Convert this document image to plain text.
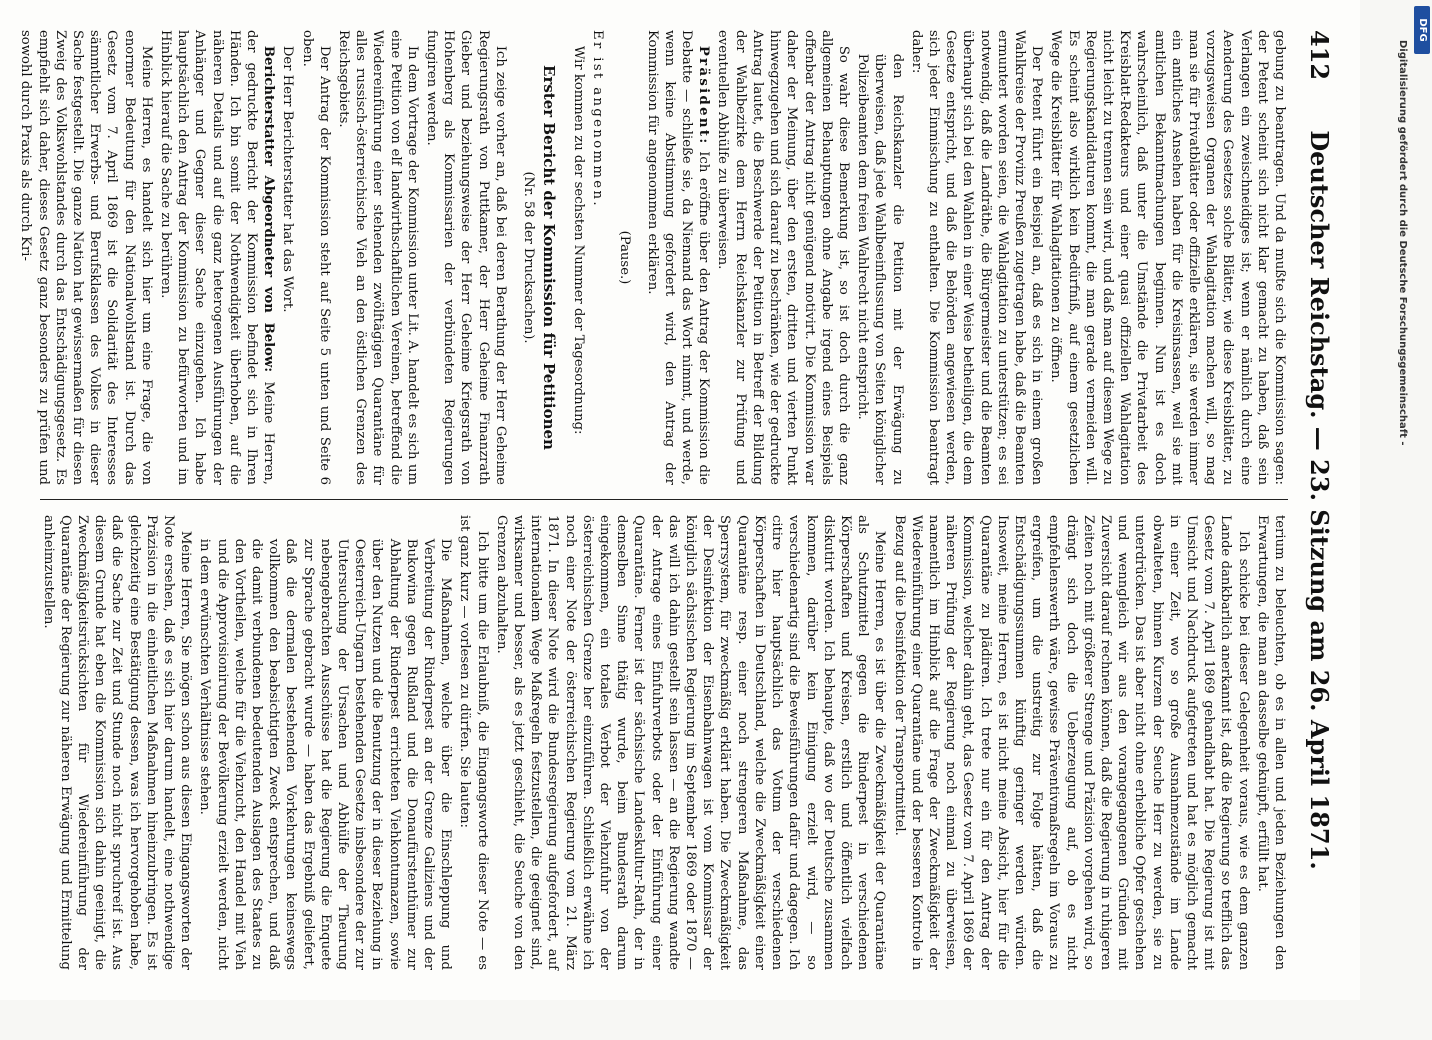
412
Deutscher Reichstag. — 23. Sitzung am 26. April 1871.

gebung zu beantragen. Und da mußte sich die Kommission sagen: der Petent scheint sich nicht klar gemacht zu haben, daß sein Verlangen ein zweischneidiges ist; wenn er nämlich durch eine Aenderung des Gesetzes solche Blätter, wie diese Kreisblätter, zu vorzugsweisen Organen der Wahlagitation machen will, so mag man sie für Privatblätter oder offizielle erklären, sie werden immer ein amtliches Ansehen haben für die Kreisinsassen, weil sie mit amtlichen Bekanntmachungen beginnen. Nun ist es doch wahrscheinlich, daß unter die Umstände die Privatarbeit des Kreisblatt-Redakteurs und einer quasi offiziellen Wahlagitation nicht leicht zu trennen sein wird, und daß man auf diesem Wege zu Regierungskandidaturen kommt, die man gerade vermeiden will. Es scheint also wirklich kein Bedürfniß, auf einem gesetzlichen Wege die Kreisblätter für Wahlagitationen zu öffnen.

Der Petent führt ein Beispiel an, daß es sich in einem großen Wahlkreise der Provinz Preußen zugetragen habe, daß die Beamten ermuntert worden seien, die Wahlagitation zu unterstützen; es sei notwendig, daß die Landräthe, die Bürgermeister und die Beamten überhaupt sich bei den Wahlen in einer Weise betheiligen, die dem Gesetze entspricht, und daß die Behörden angewiesen werden, sich jeder Einmischung zu enthalten. Die Kommission beantragt daher:

den Reichskanzler die Petition mit der Erwägung zu überweisen, daß jede Wahlbeeinflussung von Seiten königlicher Polizeibeamten dem freien Wahlrecht nicht entspricht.

So wahr diese Bemerkung ist, so ist doch durch die ganz allgemeinen Behauptungen ohne Angabe irgend eines Beispiels offenbar der Antrag nicht genügend motivirt. Die Kommission war daher der Meinung, über den ersten, dritten und vierten Punkt hinwegzugehen und sich darauf zu beschränken, wie der gedruckte Antrag lautet, die Beschwerde der Petition in Betreff der Bildung der Wahlbezirke dem Herrn Reichskanzler zur Prüfung und eventuellen Abhülfe zu überweisen.

Präsident: Ich eröffne über den Antrag der Kommission die Debatte — schließe sie, da Niemand das Wort nimmt, und werde, wenn keine Abstimmung gefordert wird, den Antrag der Kommission für angenommen erklären.

(Pause.)

Er ist angenommen.

Wir kommen zu der sechsten Nummer der Tagesordnung:

Erster Bericht der Kommission für Petitionen
(Nr. 58 der Drucksachen).

Ich zeige vorher an, daß bei deren Berathung der Herr Geheime Regierungsrath von Puttkamer, der Herr Geheime Finanzrath Gieber und beziehungsweise der Herr Geheime Kriegsrath von Hohenberg als Kommissarien der verbündeten Regierungen fungiren werden.

In dem Vortrage der Kommission unter Lit. A. handelt es sich um eine Petition von elf landwirthschaftlichen Vereinen, betreffend die Wiedereinführung einer stehenden zwölftägigen Quarantäne für alles russisch-österreichische Vieh an den östlichen Grenzen des Reichsgebiets.

Der Antrag der Kommission steht auf Seite 5 unten und Seite 6 oben.

Der Herr Berichterstatter hat das Wort.

Berichterstatter Abgeordneter von Below: Meine Herren, der gedruckte Bericht der Kommission befindet sich in Ihren Händen. Ich bin somit der Nothwendigkeit überhoben, auf die näheren Details und auf die ganz heterogenen Ausführungen der Anhänger und Gegner dieser Sache einzugehen. Ich habe hauptsächlich den Antrag der Kommission zu befürworten und im Hinblick hierauf die Sache zu berühren.

Meine Herren, es handelt sich hier um eine Frage, die von enormer Bedeutung für den Nationalwohlstand ist. Durch das Gesetz vom 7. April 1869 ist die Solidarität des Interesses sämmtlicher Erwerbs- und Berufsklassen des Volkes in dieser Sache festgestellt. Die ganze Nation hat gewissermaßen für diesen Zweig des Volkswohlstandes durch das Entschädigungsgesetz. Es empfiehlt sich daher, dieses Gesetz ganz besonders zu prüfen und sowohl durch Praxis als durch Kri-

terium zu beleuchten, ob es in allen und jeden Beziehungen den Erwartungen, die man an dasselbe geknüpft, erfüllt hat.

Ich schicke bei dieser Gelegenheit voraus, wie es dem ganzen Lande dankbarlich anerkannt ist, daß die Regierung so trefflich das Gesetz vom 7. April 1869 gehandhabt hat. Die Regierung ist mit Umsicht und Nachdruck aufgetreten und hat es möglich gemacht in einer Zeit, wo so große Ausnahmezustände im Lande obwalteten, binnen Kurzem der Seuche Herr zu werden, sie zu unterdrücken. Das ist aber nicht ohne erhebliche Opfer geschehen und wenngleich wir aus den vorangegangenen Gründen mit Zuversicht darauf rechnen können, daß die Regierung in ruhigeren Zeiten noch mit größerer Strenge und Präzision vorgehen wird, so drängt sich doch die Ueberzeugung auf, ob es nicht empfehlenswerth wäre, gewisse Präventivmaßregeln im Voraus zu ergreifen, um die unstreitig zur Folge hätten, daß die Entschädigungssummen künftig geringer werden würden. Insoweit, meine Herren, es ist nicht meine Absicht, hier für die Quarantäne zu plädiren. Ich trete nur ein für den Antrag der Kommission, welcher dahin geht, das Gesetz vom 7. April 1869 der näheren Prüfung der Regierung noch einmal zu überweisen, namentlich im Hinblick auf die Frage der Zweckmäßigkeit der Wiedereinführung einer Quarantäne und der besseren Kontrole in Bezug auf die Desinfektion der Transportmittel.

Meine Herren, es ist über die Zweckmäßigkeit der Quarantäne als Schutzmittel gegen die Rinderpest in verschiedenen Körperschaften und Kreisen, erstlich und öffentlich vielfach diskutirt worden. Ich behaupte, daß wo der Deutsche zusammen kommen, darüber kein Einigung erzielt wird, — so verschiedenartig sind die Beweisführungen dafür und dagegen. Ich citire hier hauptsächlich das Votum der verschiedenen Körperschaften in Deutschland, welche die Zweckmäßigkeit einer Quarantäne resp. einer noch strengeren Maßnahme, das Sperrsystem, für zweckmäßig erklärt haben. Die Zweckmäßigkeit der Desinfektion der Eisenbahnwagen ist vom Kommissar der königlich sächsischen Regierung im September 1869 oder 1870 — das will ich dahin gestellt sein lassen — an die Regierung wandte der Antrage eines Einfuhrverbots oder der Einführung einer Quarantäne. Ferner ist der sächsische Landeskultur-Rath, der in demselben Sinne thätig wurde, beim Bundesrath darum eingekommen, ein totales Verbot der Viehzufuhr von der österreichischen Grenze her einzuführen. Schließlich erwähne ich noch einer Note der österreichischen Regierung vom 21. März 1871. In dieser Note wird die Bundesregierung aufgefordert, auf internationalem Wege Maßregeln festzustellen, die geeignet sind, wirksamer und besser, als es jetzt geschieht, die Seuche von den Grenzen abzuhalten.

Ich bitte um die Erlaubniß, die Eingangsworte dieser Note — es ist ganz kurz — vorlesen zu dürfen. Sie lauten:

Die Maßnahmen, welche über die Einschleppung und Verbreitung der Rinderpest an der Grenze Galiziens und der Bukowina gegen Rußland und die Donaufürstenthümer zur Abhaltung der Rinderpest errichteten Viehkontumazen, sowie über den Nutzen und die Benutzung der in dieser Beziehung in Oesterreich-Ungarn bestehenden Gesetze insbesondere der zur Untersuchung der Ursachen und Abhülfe der Theurung nebengebrachten Ausschüsse hat die Regierung die Enquete zur Sprache gebracht wurde — haben das Ergebniß geliefert, daß die dermalen bestehenden Vorkehrungen keineswegs vollkommen den beabsichtigten Zweck entsprechen, und daß die damit verbundenen bedeutenden Auslagen des Staates zu den Vortheilen, welche für die Viehzucht, den Handel mit Vieh und die Approvisionirung der Bevölkerung erzielt werden, nicht in dem erwünschten Verhältnisse stehen.

Meine Herren, Sie mögen schon aus diesen Eingangsworten der Note ersehen, daß es sich hier darum handelt, eine nothwendige Präzision in die einheitlichen Maßnahmen hineinzubringen. Es ist gleichzeitig eine Bestätigung dessen, was ich hervorgehoben habe, daß die Sache zur Zeit und Stunde noch nicht spruchreif ist. Aus diesem Grunde hat eben die Kommission sich dahin geeinigt, die Zweckmäßigkeitsrücksichten für Wiedereinführung der Quarantäne der Regierung zur näheren Erwägung und Ermittelung anheimzustellen.

Digitalisierung gefördert durch die Deutsche Forschungsgemeinschaft -
DFG
